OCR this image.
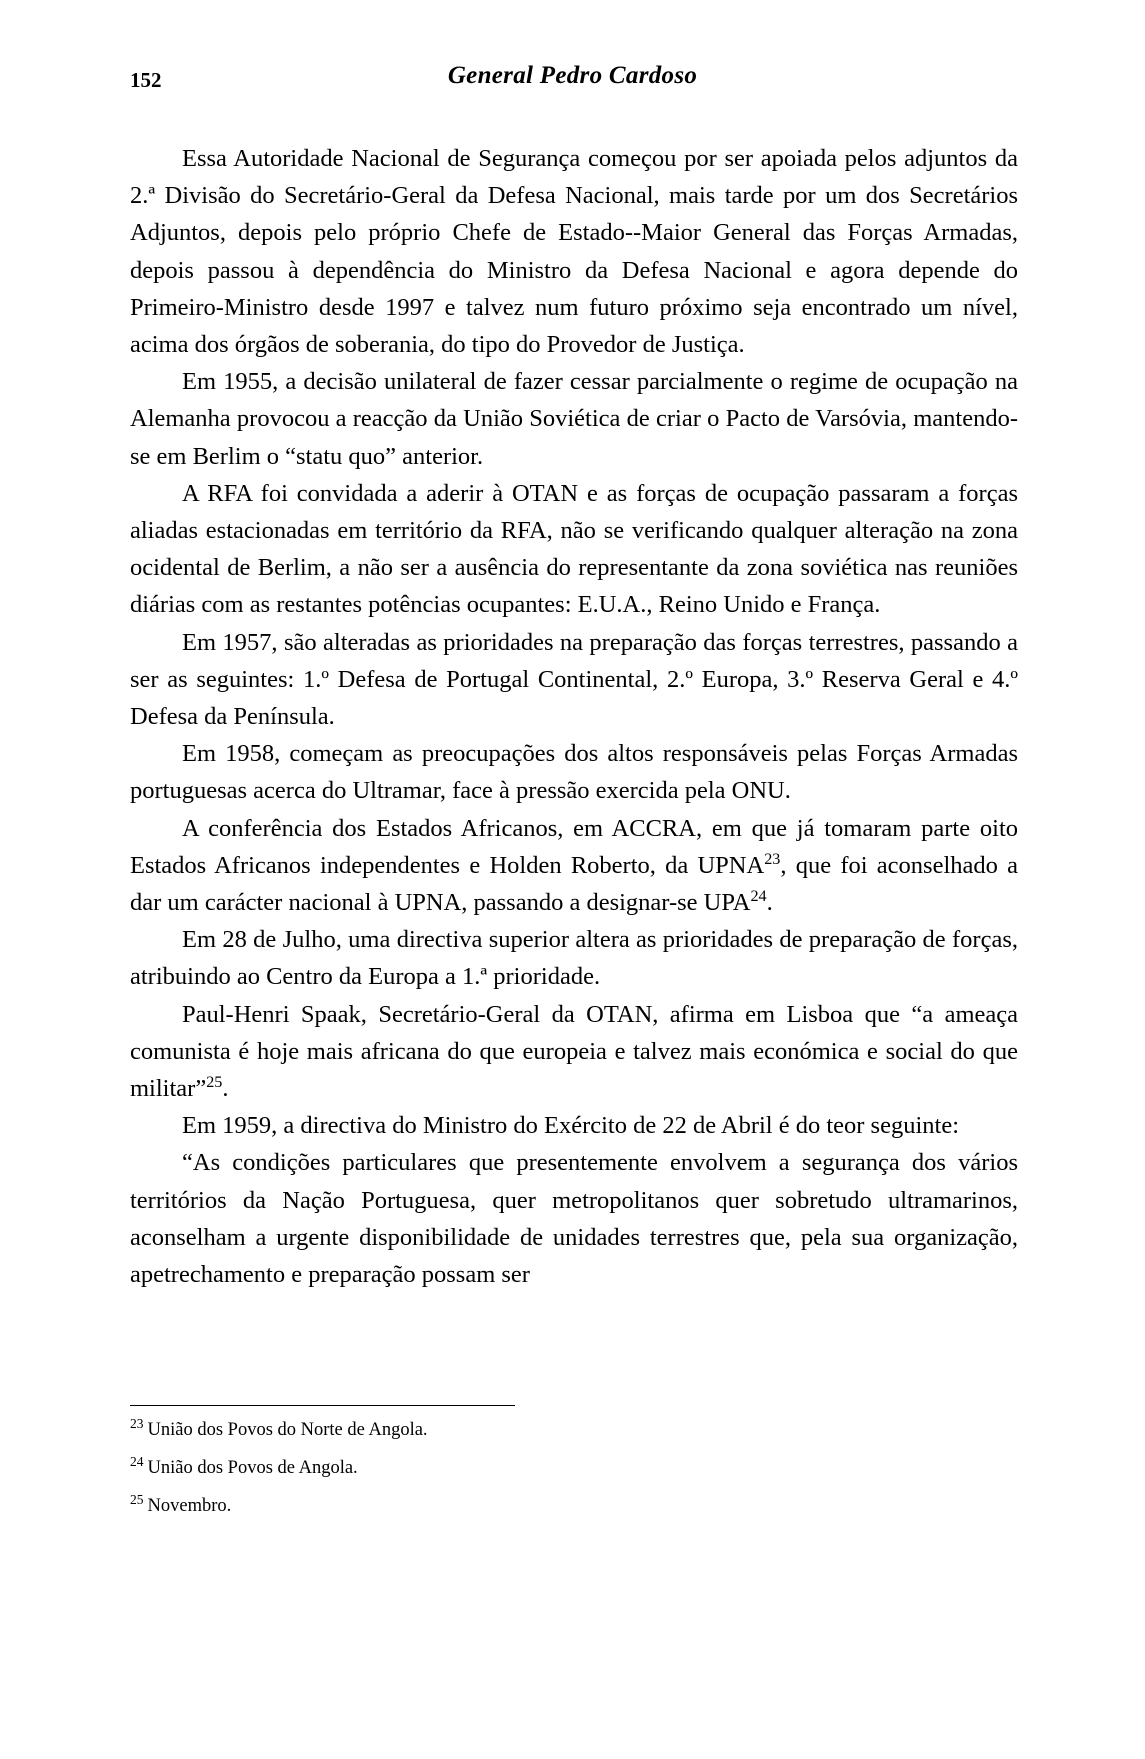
152	General Pedro Cardoso

Essa Autoridade Nacional de Segurança começou por ser apoiada pelos adjuntos da 2.ª Divisão do Secretário-Geral da Defesa Nacional, mais tarde por um dos Secretários Adjuntos, depois pelo próprio Chefe de Estado--Maior General das Forças Armadas, depois passou à dependência do Ministro da Defesa Nacional e agora depende do Primeiro-Ministro desde 1997 e talvez num futuro próximo seja encontrado um nível, acima dos órgãos de soberania, do tipo do Provedor de Justiça.

Em 1955, a decisão unilateral de fazer cessar parcialmente o regime de ocupação na Alemanha provocou a reacção da União Soviética de criar o Pacto de Varsóvia, mantendo-se em Berlim o “statu quo” anterior.

A RFA foi convidada a aderir à OTAN e as forças de ocupação passaram a forças aliadas estacionadas em território da RFA, não se verificando qualquer alteração na zona ocidental de Berlim, a não ser a ausência do representante da zona soviética nas reuniões diárias com as restantes potências ocupantes: E.U.A., Reino Unido e França.

Em 1957, são alteradas as prioridades na preparação das forças terrestres, passando a ser as seguintes: 1.º Defesa de Portugal Continental, 2.º Europa, 3.º Reserva Geral e 4.º Defesa da Península.

Em 1958, começam as preocupações dos altos responsáveis pelas Forças Armadas portuguesas acerca do Ultramar, face à pressão exercida pela ONU.

A conferência dos Estados Africanos, em ACCRA, em que já tomaram parte oito Estados Africanos independentes e Holden Roberto, da UPNA$^{23}$, que foi aconselhado a dar um carácter nacional à UPNA, passando a designar-se UPA$^{24}$.

Em 28 de Julho, uma directiva superior altera as prioridades de preparação de forças, atribuindo ao Centro da Europa a 1.ª prioridade.

Paul-Henri Spaak, Secretário-Geral da OTAN, afirma em Lisboa que “a ameaça comunista é hoje mais africana do que europeia e talvez mais económica e social do que militar”$^{25}$.

Em 1959, a directiva do Ministro do Exército de 22 de Abril é do teor seguinte:

“As condições particulares que presentemente envolvem a segurança dos vários territórios da Nação Portuguesa, quer metropolitanos quer sobretudo ultramarinos, aconselham a urgente disponibilidade de unidades terrestres que, pela sua organização, apetrechamento e preparação possam ser

$^{23}$ União dos Povos do Norte de Angola.

$^{24}$ União dos Povos de Angola.

$^{25}$ Novembro.
